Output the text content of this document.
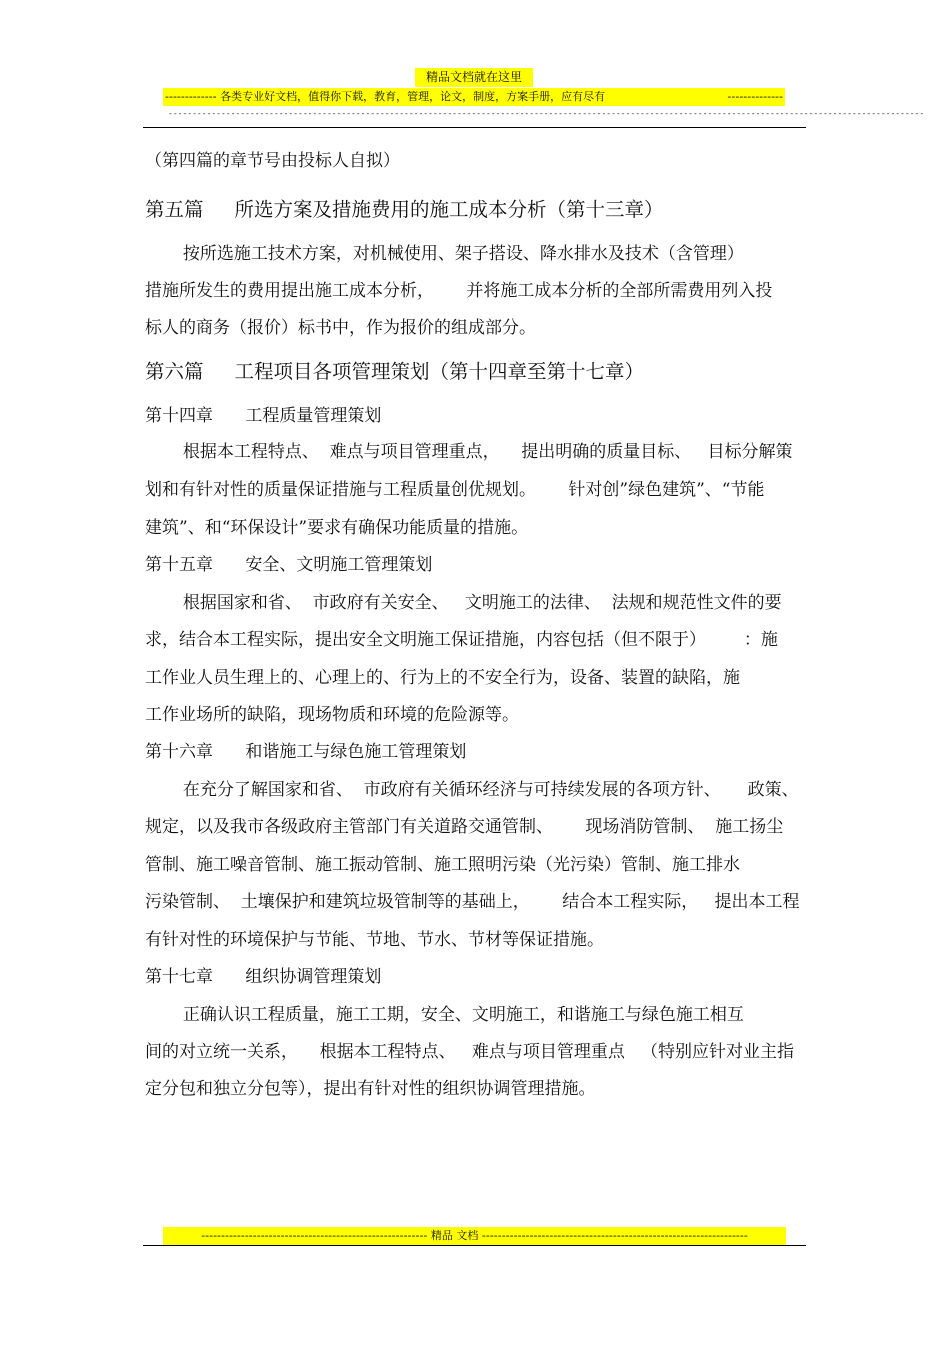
精品文档就在这里
------------- 各类专业好文档，值得你下载，教育，管理，论文，制度，方案手册，应有尽有	--------------
-------------------------------------------------------------------------------------------------------------------------------------------------------------
（第四篇的章节号由投标人自拟）
第五篇     所选方案及措施费用的施工成本分析（第十三章）
按所选施工技术方案，对机械使用、架子搭设、降水排水及技术（含管理）
措施所发生的费用提出施工成本分析，      并将施工成本分析的全部所需费用列入投
标人的商务（报价）标书中，作为报价的组成部分。
第六篇     工程项目各项管理策划（第十四章至第十七章）
第十四章      工程质量管理策划
根据本工程特点、  难点与项目管理重点，    提出明确的质量目标、   目标分解策
划和有针对性的质量保证措施与工程质量创优规划。      针对创”绿色建筑”、“节能
建筑”、和“环保设计”要求有确保功能质量的措施。
第十五章      安全、文明施工管理策划
根据国家和省、  市政府有关安全、   文明施工的法律、  法规和规范性文件的要
求，结合本工程实际，提出安全文明施工保证措施，内容包括（但不限于）       ：施
工作业人员生理上的、心理上的、行为上的不安全行为，设备、装置的缺陷，施
工作业场所的缺陷，现场物质和环境的危险源等。
第十六章      和谐施工与绿色施工管理策划
在充分了解国家和省、  市政府有关循环经济与可持续发展的各项方针、     政策、
规定，以及我市各级政府主管部门有关道路交通管制、      现场消防管制、  施工扬尘
管制、施工噪音管制、施工振动管制、施工照明污染（光污染）管制、施工排水
污染管制、  土壤保护和建筑垃圾管制等的基础上，      结合本工程实际，   提出本工程
有针对性的环境保护与节能、节地、节水、节材等保证措施。
第十七章      组织协调管理策划
正确认识工程质量，施工工期，安全、文明施工，和谐施工与绿色施工相互
间的对立统一关系，    根据本工程特点、   难点与项目管理重点   （特别应针对业主指
定分包和独立分包等），提出有针对性的组织协调管理措施。
--------------------------------------------------------- 精品 文档 -------------------------------------------------------------------
